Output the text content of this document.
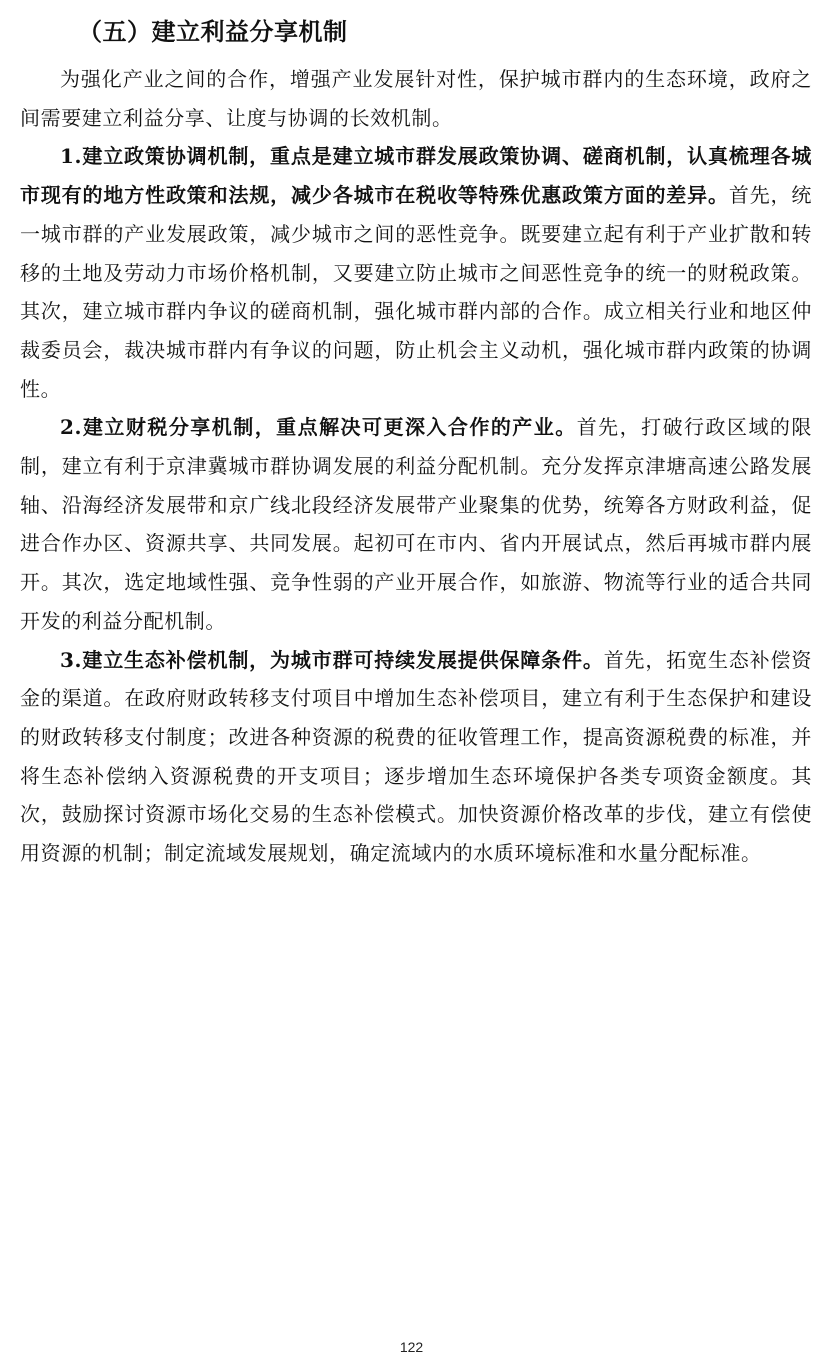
（五）建立利益分享机制

为强化产业之间的合作，增强产业发展针对性，保护城市群内的生态环境，政府之间需要建立利益分享、让度与协调的长效机制。

1.建立政策协调机制，重点是建立城市群发展政策协调、磋商机制，认真梳理各城市现有的地方性政策和法规，减少各城市在税收等特殊优惠政策方面的差异。首先，统一城市群的产业发展政策，减少城市之间的恶性竞争。既要建立起有利于产业扩散和转移的土地及劳动力市场价格机制，又要建立防止城市之间恶性竞争的统一的财税政策。其次，建立城市群内争议的磋商机制，强化城市群内部的合作。成立相关行业和地区仲裁委员会，裁决城市群内有争议的问题，防止机会主义动机，强化城市群内政策的协调性。

2.建立财税分享机制，重点解决可更深入合作的产业。首先，打破行政区域的限制，建立有利于京津冀城市群协调发展的利益分配机制。充分发挥京津塘高速公路发展轴、沿海经济发展带和京广线北段经济发展带产业聚集的优势，统筹各方财政利益，促进合作办区、资源共享、共同发展。起初可在市内、省内开展试点，然后再城市群内展开。其次，选定地域性强、竞争性弱的产业开展合作，如旅游、物流等行业的适合共同开发的利益分配机制。

3.建立生态补偿机制，为城市群可持续发展提供保障条件。首先，拓宽生态补偿资金的渠道。在政府财政转移支付项目中增加生态补偿项目，建立有利于生态保护和建设的财政转移支付制度；改进各种资源的税费的征收管理工作，提高资源税费的标准，并将生态补偿纳入资源税费的开支项目；逐步增加生态环境保护各类专项资金额度。其次，鼓励探讨资源市场化交易的生态补偿模式。加快资源价格改革的步伐，建立有偿使用资源的机制；制定流域发展规划，确定流域内的水质环境标准和水量分配标准。

122
